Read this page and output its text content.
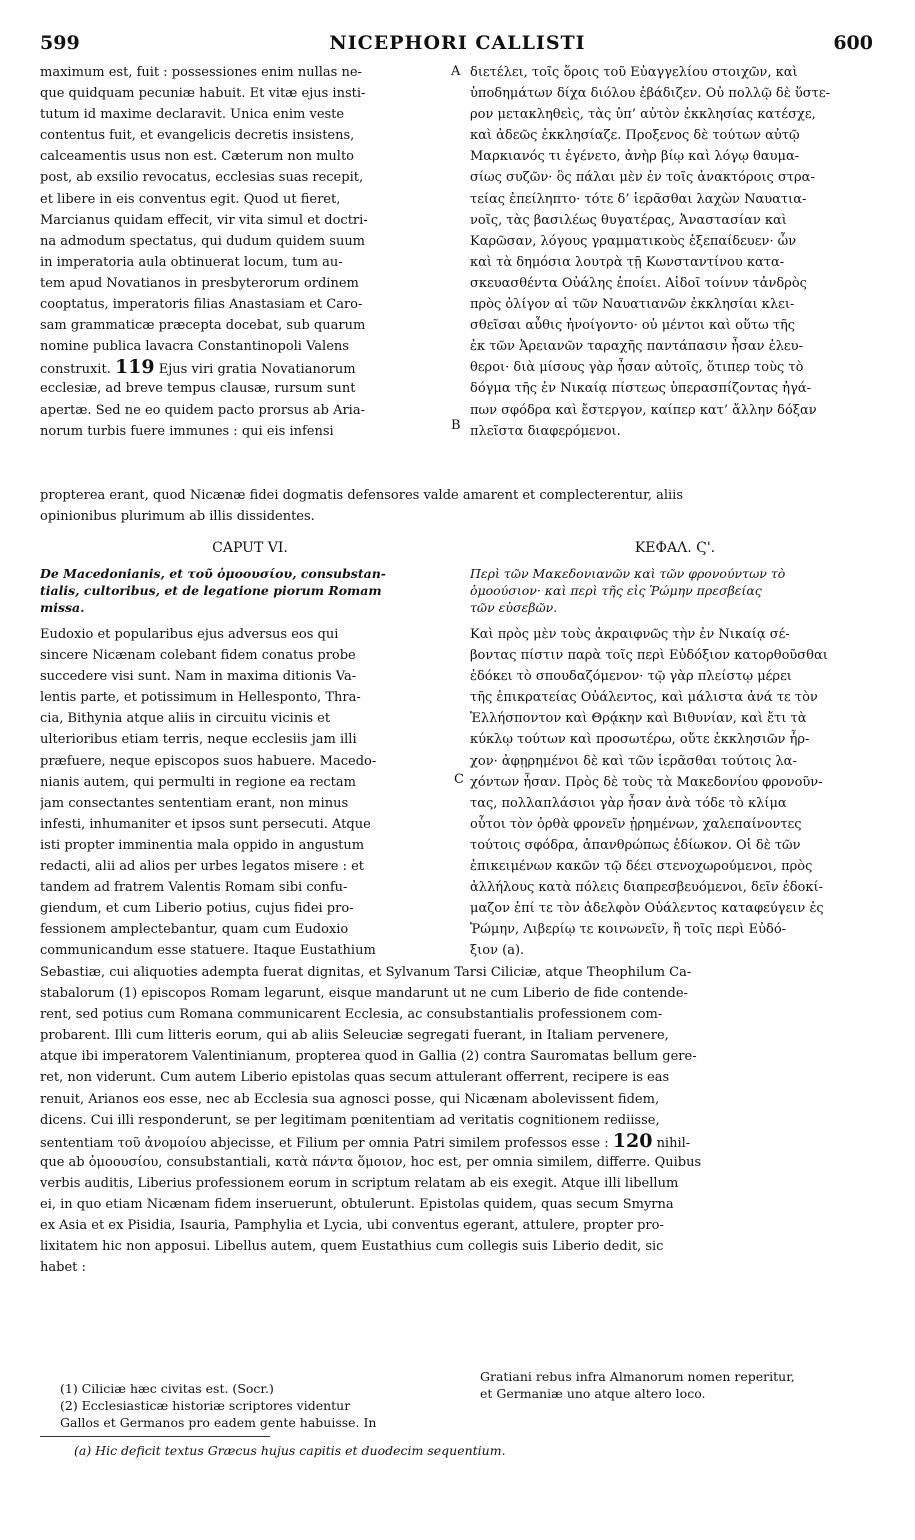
599	NICEPHORI CALLISTI	600
maximum est, fuit : possessiones enim nullas ne-
que quidquam pecuniæ habuit. Et vitæ ejus insti-
tutum id maxime declaravit. Unica enim veste
contentus fuit, et evangelicis decretis insistens,
calceamentis usus non est. Cæterum non multo
post, ab exsilio revocatus, ecclesias suas recepit,
et libere in eis conventus egit. Quod ut fieret,
Marcianus quidam effecit, vir vita simul et doctri-
na admodum spectatus, qui dudum quidem suum
in imperatoria aula obtinuerat locum, tum au-
tem apud Novatianos in presbyterorum ordinem
cooptatus, imperatoris filias Anastasiam et Caro-
sam grammaticæ præcepta docebat, sub quarum
nomine publica lavacra Constantinopoli Valens
construxit. 119 Ejus viri gratia Novatianorum
ecclesiæ, ad breve tempus clausæ, rursum sunt
apertæ. Sed ne eo quidem pacto prorsus ab Aria-
norum turbis fuere immunes : qui eis infensi
A
B
διετέλει, τοῖς ὅροις τοῦ Εὐαγγελίου στοιχῶν, καὶ
ὑποδημάτων δίχα διόλου ἐβάδιζεν. Οὐ πολλῷ δὲ ὕστε-
ρον μετακληθεὶς, τὰς ὑπ’ αὐτὸν ἐκκλησίας κατέσχε,
καὶ ἀδεῶς ἐκκλησίαζε. Προξενος δὲ τούτων αὐτῷ
Μαρκιανός τι ἐγένετο, ἀνὴρ βίῳ καὶ λόγῳ θαυμα-
σίως συζῶν· ὃς πάλαι μὲν ἐν τοῖς ἀνακτόροις στρα-
τείας ἐπείληπτο· τότε δ’ ἱερᾶσθαι λαχὼν Ναυατια-
νοῖς, τὰς βασιλέως θυγατέρας, Ἀναστασίαν καὶ
Καρῶσαν, λόγους γραμματικοὺς ἐξεπαίδευεν· ὧν
καὶ τὰ δημόσια λουτρὰ τῇ Κωνσταντίνου κατα-
σκευασθέντα Οὐάλης ἐποίει. Αἰδοῖ τοίνυν τἀνδρὸς
πρὸς ὀλίγον αἱ τῶν Ναυατιανῶν ἐκκλησίαι κλει-
σθεῖσαι αὖθις ἠνοίγοντο· οὐ μέντοι καὶ οὕτω τῆς
ἐκ τῶν Ἀρειανῶν ταραχῆς παντάπασιν ἦσαν ἐλευ-
θεροι· διὰ μίσους γὰρ ἦσαν αὐτοῖς, ὅτιπερ τοὺς τὸ
δόγμα τῆς ἐν Νικαίᾳ πίστεως ὑπερασπίζοντας ἠγά-
πων σφόδρα καὶ ἔστεργον, καίπερ κατ’ ἄλλην δόξαν
πλεῖστα διαφερόμενοι.
propterea erant, quod Nicænæ fidei dogmatis defensores valde amarent et complecterentur, aliis
opinionibus plurimum ab illis dissidentes.
CAPUT VI.	ΚΕΦΑΛ. Ϛ'.
De Macedonianis, et τοῦ ὁμοουσίου, consubstan-
tialis, cultoribus, et de legatione piorum Romam
missa.
Περὶ τῶν Μακεδονιανῶν καὶ τῶν φρονούντων τὸ
ὁμοούσιον· καὶ περὶ τῆς εἰς Ῥώμην πρεσβείας
τῶν εὐσεβῶν.
Eudoxio et popularibus ejus adversus eos qui
sincere Nicænam colebant fidem conatus probe
succedere visi sunt. Nam in maxima ditionis Va-
lentis parte, et potissimum in Hellesponto, Thra-
cia, Bithynia atque aliis in circuitu vicinis et
ulterioribus etiam terris, neque ecclesiis jam illi
præfuere, neque episcopos suos habuere. Macedo-
nianis autem, qui permulti in regione ea rectam
jam consectantes sententiam erant, non minus
infesti, inhumaniter et ipsos sunt persecuti. Atque
isti propter imminentia mala oppido in angustum
redacti, alii ad alios per urbes legatos misere : et
tandem ad fratrem Valentis Romam sibi confu-
giendum, et cum Liberio potius, cujus fidei pro-
fessionem amplectebantur, quam cum Eudoxio
communicandum esse statuere. Itaque Eustathium
Καὶ πρὸς μὲν τοὺς ἀκραιφνῶς τὴν ἐν Νικαίᾳ σέ-
βοντας πίστιν παρὰ τοῖς περὶ Εὐδόξιον κατορθοῦσθαι
ἐδόκει τὸ σπουδαζόμενον· τῷ γὰρ πλείστῳ μέρει
τῆς ἐπικρατείας Οὐάλεντος, καὶ μάλιστα ἀνά τε τὸν
Ἑλλήσποντον καὶ Θρᾴκην καὶ Βιθυνίαν, καὶ ἔτι τὰ
κύκλῳ τούτων καὶ προσωτέρω, οὔτε ἐκκλησιῶν ἦρ-
χον· ἀφῃρημένοι δὲ καὶ τῶν ἱερᾶσθαι τούτοις λα-
χόντων ἦσαν. Πρὸς δὲ τοὺς τὰ Μακεδονίου φρονοῦν-
τας, πολλαπλάσιοι γὰρ ἦσαν ἀνὰ τόδε τὸ κλίμα
οὗτοι τὸν ὀρθὰ φρονεῖν ᾑρημένων, χαλεπαίνοντες
τούτοις σφόδρα, ἀπανθρώπως ἐδίωκον. Οἱ δὲ τῶν
ἐπικειμένων κακῶν τῷ δέει στενοχωρούμενοι, πρὸς
ἀλλήλους κατὰ πόλεις διαπρεσβευόμενοι, δεῖν ἐδοκί-
μαζον ἐπί τε τὸν ἀδελφὸν Οὐάλεντος καταφεύγειν ἐς
Ῥώμην, Λιβερίῳ τε κοινωνεῖν, ἢ τοῖς περὶ Εὐδό-
ξιον (a).
C
Sebastiæ, cui aliquoties adempta fuerat dignitas, et Sylvanum Tarsi Ciliciæ, atque Theophilum Ca-
stabalorum (1) episcopos Romam legarunt, eisque mandarunt ut ne cum Liberio de fide contende-
rent, sed potius cum Romana communicarent Ecclesia, ac consubstantialis professionem com-
probarent. Illi cum litteris eorum, qui ab aliis Seleuciæ segregati fuerant, in Italiam pervenere,
atque ibi imperatorem Valentinianum, propterea quod in Gallia (2) contra Sauromatas bellum gere-
ret, non viderunt. Cum autem Liberio epistolas quas secum attulerant offerrent, recipere is eas
renuit, Arianos eos esse, nec ab Ecclesia sua agnosci posse, qui Nicænam abolevissent fidem,
dicens. Cui illi responderunt, se per legitimam pœnitentiam ad veritatis cognitionem rediisse,
sententiam τοῦ ἀνομοίου abjecisse, et Filium per omnia Patri similem professos esse : 120 nihil-
que ab ὁμοουσίου, consubstantiali, κατὰ πάντα ὅμοιον, hoc est, per omnia similem, differre. Quibus
verbis auditis, Liberius professionem eorum in scriptum relatam ab eis exegit. Atque illi libellum
ei, in quo etiam Nicænam fidem inseruerunt, obtulerunt. Epistolas quidem, quas secum Smyrna
ex Asia et ex Pisidia, Isauria, Pamphylia et Lycia, ubi conventus egerant, attulere, propter pro-
lixitatem hic non apposui. Libellus autem, quem Eustathius cum collegis suis Liberio dedit, sic
habet :
(1) Ciliciæ hæc civitas est. (Socr.)
(2) Ecclesiasticæ historiæ scriptores videntur
Gallos et Germanos pro eadem gente habuisse. In
Gratiani rebus infra Almanorum nomen reperitur,
et Germaniæ uno atque altero loco.
(a) Hic deficit textus Græcus hujus capitis et duodecim sequentium.
